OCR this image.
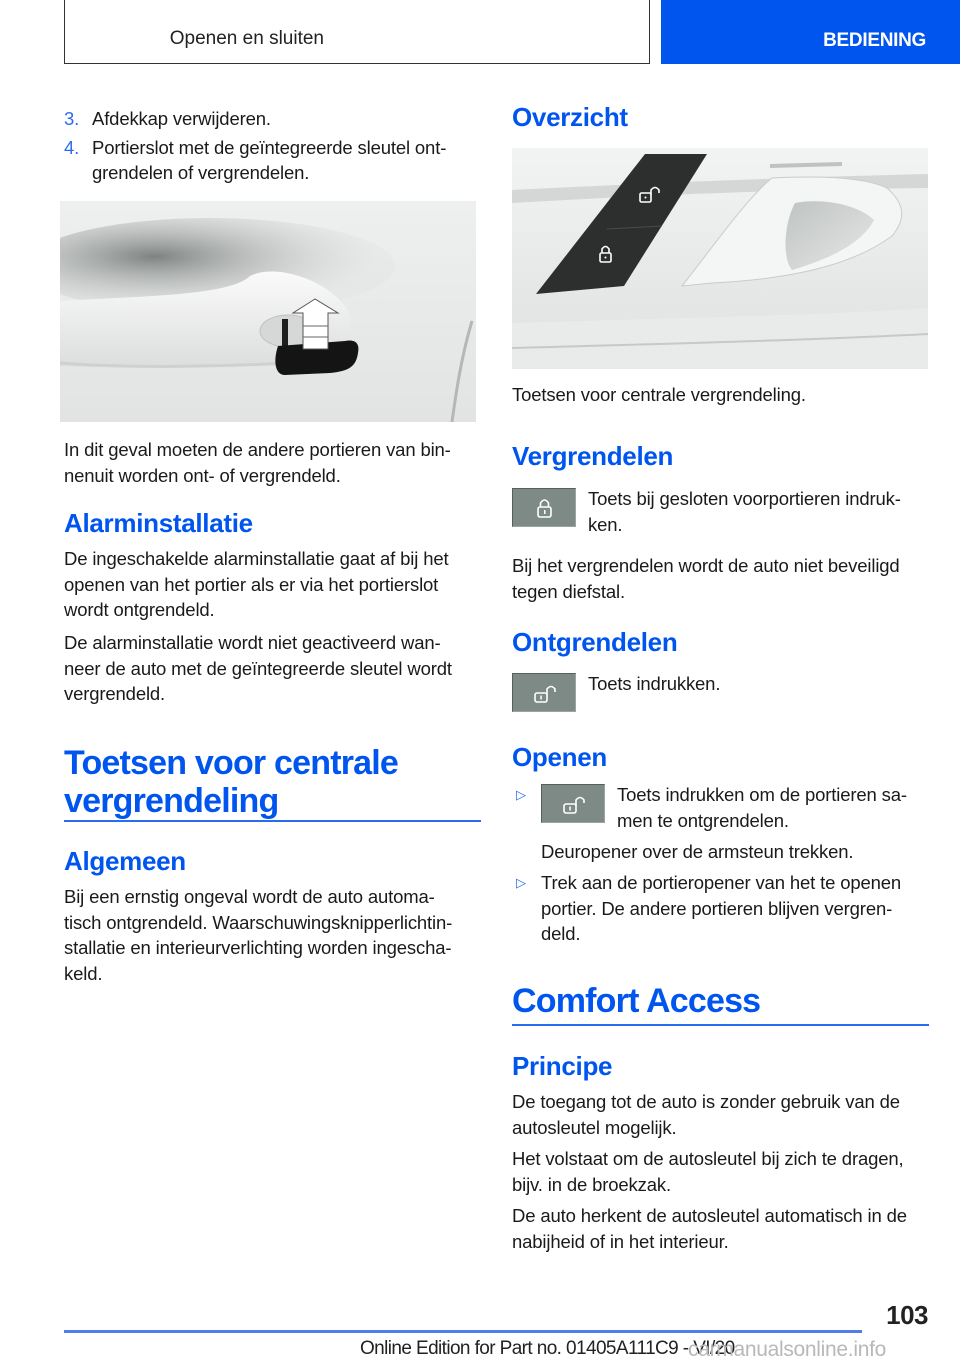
Openen en sluiten	BEDIENING
3. Afdekkap verwijderen.
4. Portierslot met de geïntegreerde sleutel ont-
grendelen of vergrendelen.
In dit geval moeten de andere portieren van bin-
nenuit worden ont- of vergrendeld.
Alarminstallatie
De ingeschakelde alarminstallatie gaat af bij het
openen van het portier als er via het portierslot
wordt ontgrendeld.
De alarminstallatie wordt niet geactiveerd wan-
neer de auto met de geïntegreerde sleutel wordt
vergrendeld.
Toetsen voor centrale
vergrendeling
Algemeen
Bij een ernstig ongeval wordt de auto automa-
tisch ontgrendeld. Waarschuwingsknipperlichtin-
stallatie en interieurverlichting worden ingescha-
keld.
Overzicht
Toetsen voor centrale vergrendeling.
Vergrendelen
Toets bij gesloten voorportieren indruk-
ken.
Bij het vergrendelen wordt de auto niet beveiligd
tegen diefstal.
Ontgrendelen
Toets indrukken.
Openen
▷	Toets indrukken om de portieren sa-
men te ontgrendelen.
Deuropener over de armsteun trekken.
▷ Trek aan de portieropener van het te openen
portier. De andere portieren blijven vergren-
deld.
Comfort Access
Principe
De toegang tot de auto is zonder gebruik van de
autosleutel mogelijk.
Het volstaat om de autosleutel bij zich te dragen,
bijv. in de broekzak.
De auto herkent de autosleutel automatisch in de
nabijheid of in het interieur.
103
Online Edition for Part no. 01405A111C9 - VI/20
carmanualsonline.info
